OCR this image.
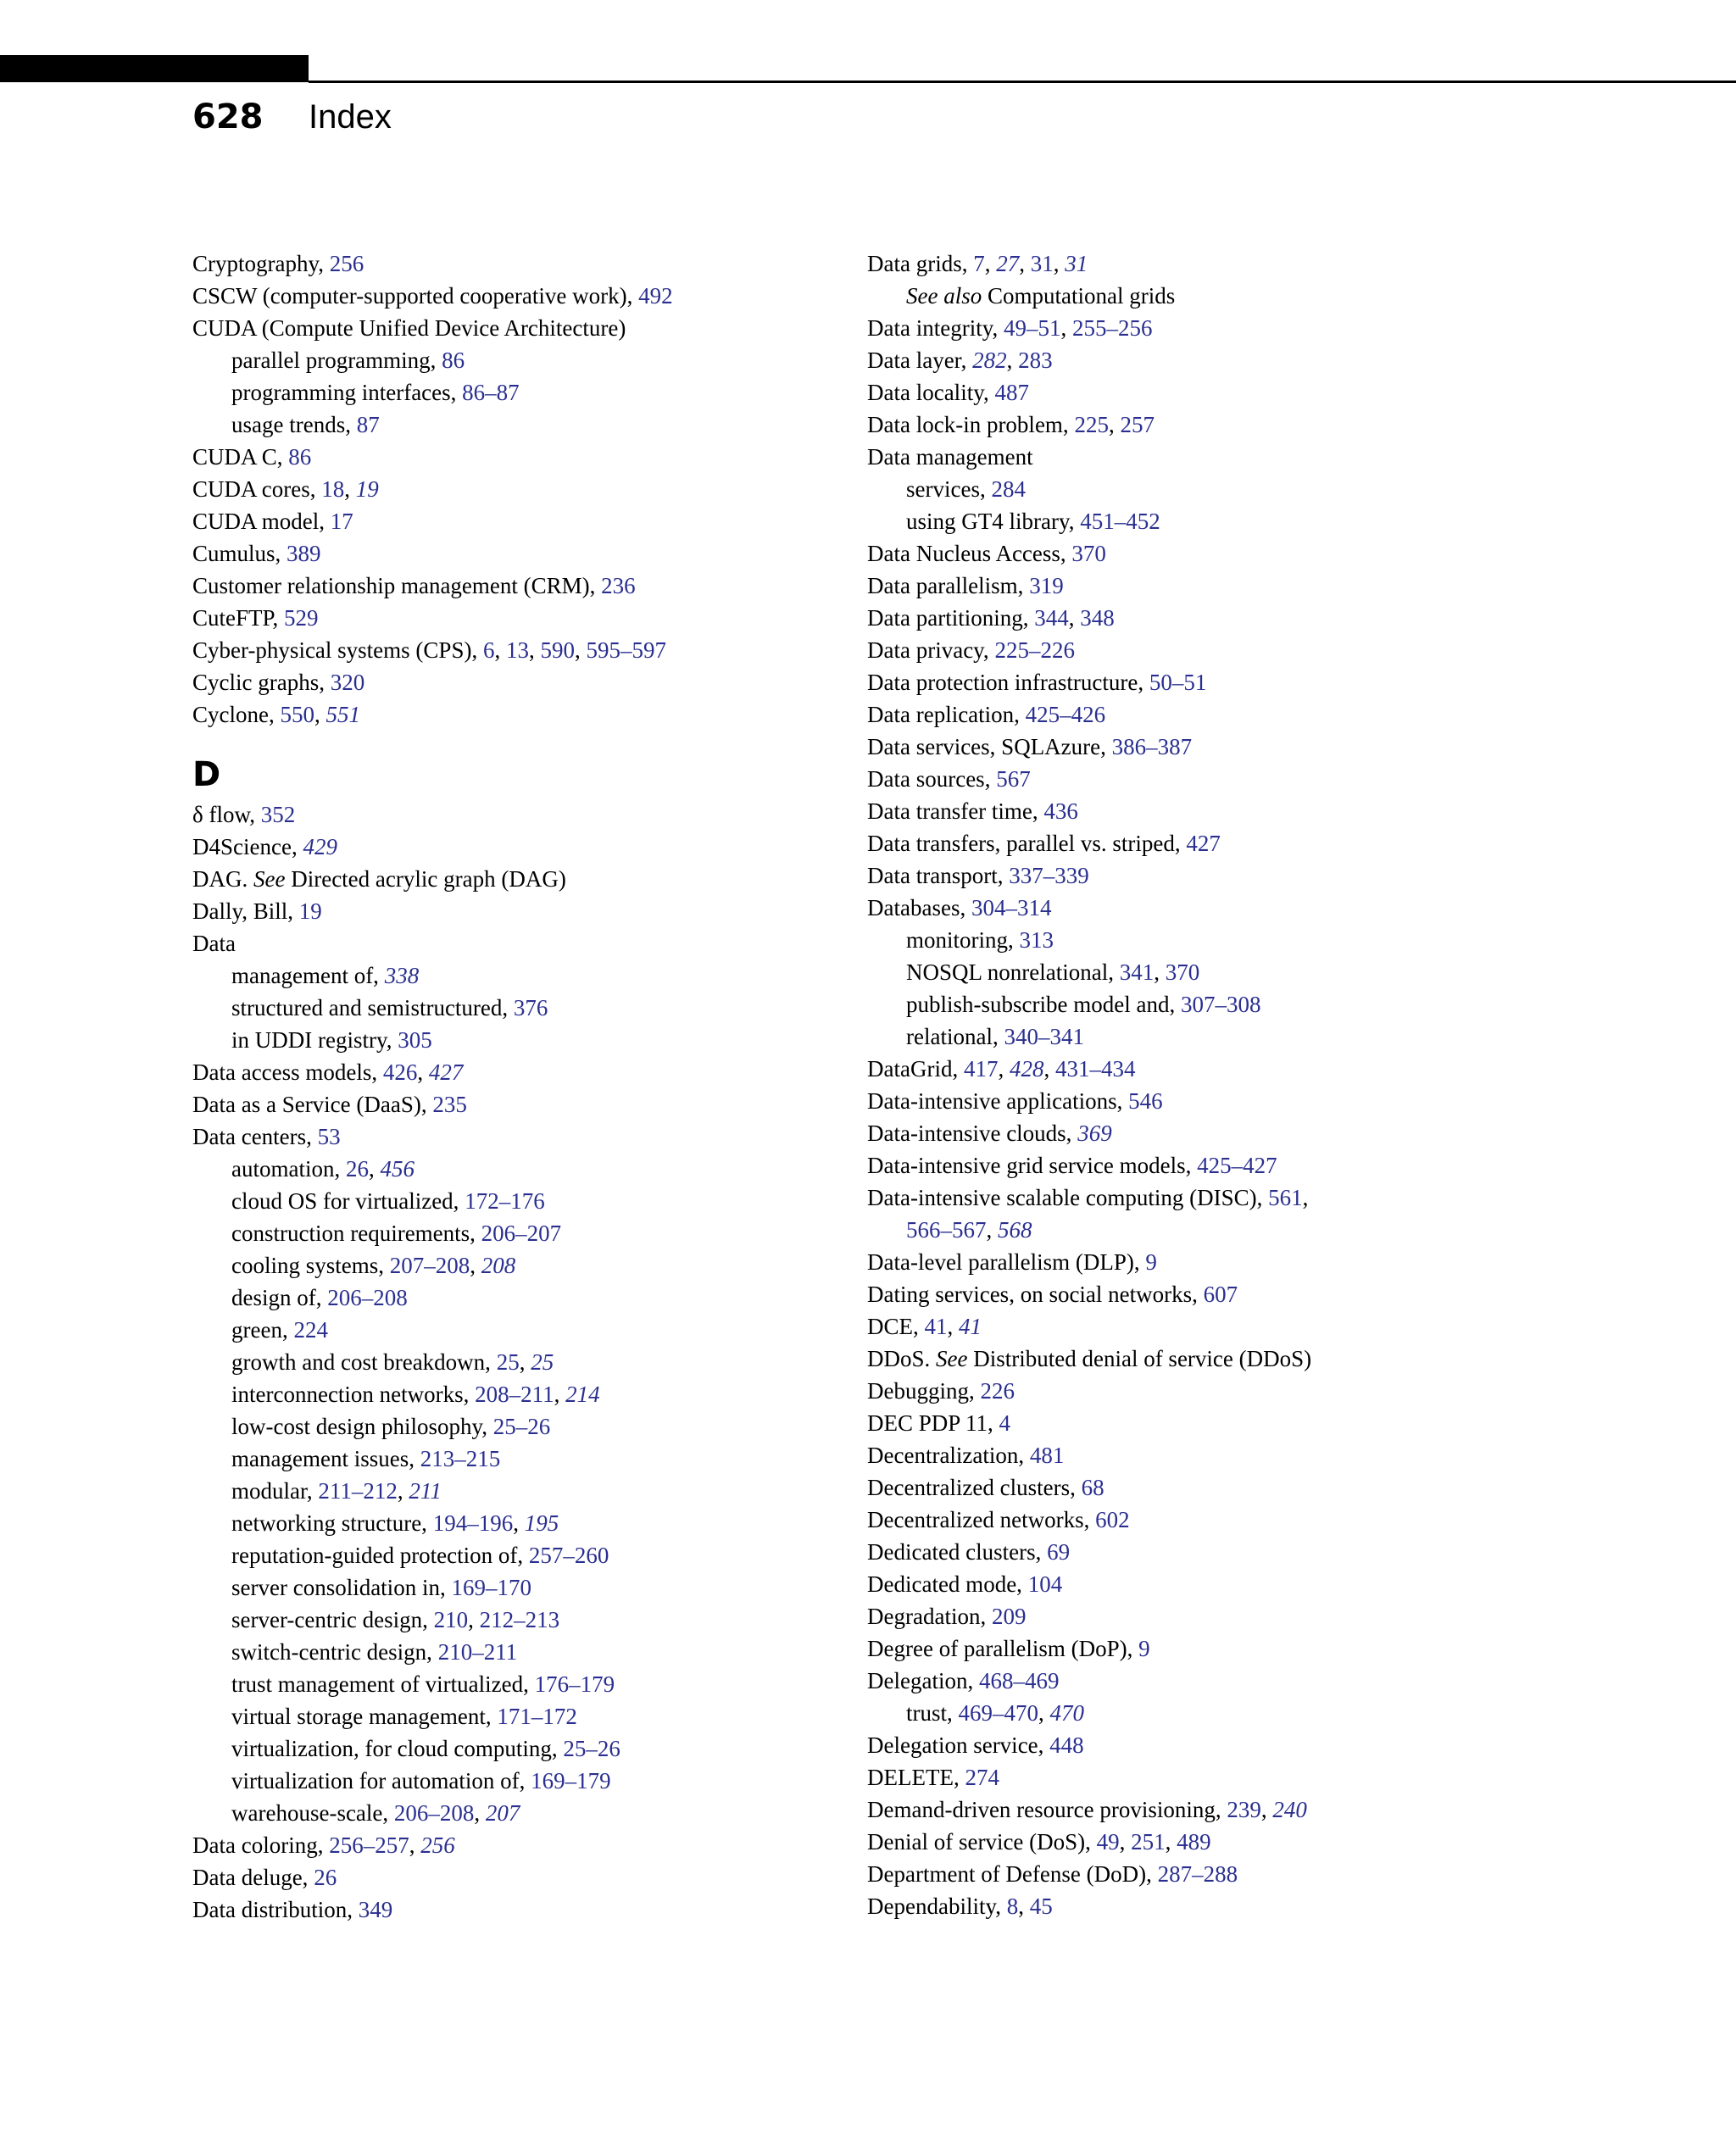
628 Index
Cryptography, 256
CSCW (computer-supported cooperative work), 492
CUDA (Compute Unified Device Architecture)
parallel programming, 86
programming interfaces, 86–87
usage trends, 87
CUDA C, 86
CUDA cores, 18, 19
CUDA model, 17
Cumulus, 389
Customer relationship management (CRM), 236
CuteFTP, 529
Cyber-physical systems (CPS), 6, 13, 590, 595–597
Cyclic graphs, 320
Cyclone, 550, 551
D
δ flow, 352
D4Science, 429
DAG. See Directed acrylic graph (DAG)
Dally, Bill, 19
Data
management of, 338
structured and semistructured, 376
in UDDI registry, 305
Data access models, 426, 427
Data as a Service (DaaS), 235
Data centers, 53
automation, 26, 456
cloud OS for virtualized, 172–176
construction requirements, 206–207
cooling systems, 207–208, 208
design of, 206–208
green, 224
growth and cost breakdown, 25, 25
interconnection networks, 208–211, 214
low-cost design philosophy, 25–26
management issues, 213–215
modular, 211–212, 211
networking structure, 194–196, 195
reputation-guided protection of, 257–260
server consolidation in, 169–170
server-centric design, 210, 212–213
switch-centric design, 210–211
trust management of virtualized, 176–179
virtual storage management, 171–172
virtualization, for cloud computing, 25–26
virtualization for automation of, 169–179
warehouse-scale, 206–208, 207
Data coloring, 256–257, 256
Data deluge, 26
Data distribution, 349
Data grids, 7, 27, 31, 31
See also Computational grids
Data integrity, 49–51, 255–256
Data layer, 282, 283
Data locality, 487
Data lock-in problem, 225, 257
Data management
services, 284
using GT4 library, 451–452
Data Nucleus Access, 370
Data parallelism, 319
Data partitioning, 344, 348
Data privacy, 225–226
Data protection infrastructure, 50–51
Data replication, 425–426
Data services, SQLAzure, 386–387
Data sources, 567
Data transfer time, 436
Data transfers, parallel vs. striped, 427
Data transport, 337–339
Databases, 304–314
monitoring, 313
NOSQL nonrelational, 341, 370
publish-subscribe model and, 307–308
relational, 340–341
DataGrid, 417, 428, 431–434
Data-intensive applications, 546
Data-intensive clouds, 369
Data-intensive grid service models, 425–427
Data-intensive scalable computing (DISC), 561,
566–567, 568
Data-level parallelism (DLP), 9
Dating services, on social networks, 607
DCE, 41, 41
DDoS. See Distributed denial of service (DDoS)
Debugging, 226
DEC PDP 11, 4
Decentralization, 481
Decentralized clusters, 68
Decentralized networks, 602
Dedicated clusters, 69
Dedicated mode, 104
Degradation, 209
Degree of parallelism (DoP), 9
Delegation, 468–469
trust, 469–470, 470
Delegation service, 448
DELETE, 274
Demand-driven resource provisioning, 239, 240
Denial of service (DoS), 49, 251, 489
Department of Defense (DoD), 287–288
Dependability, 8, 45
